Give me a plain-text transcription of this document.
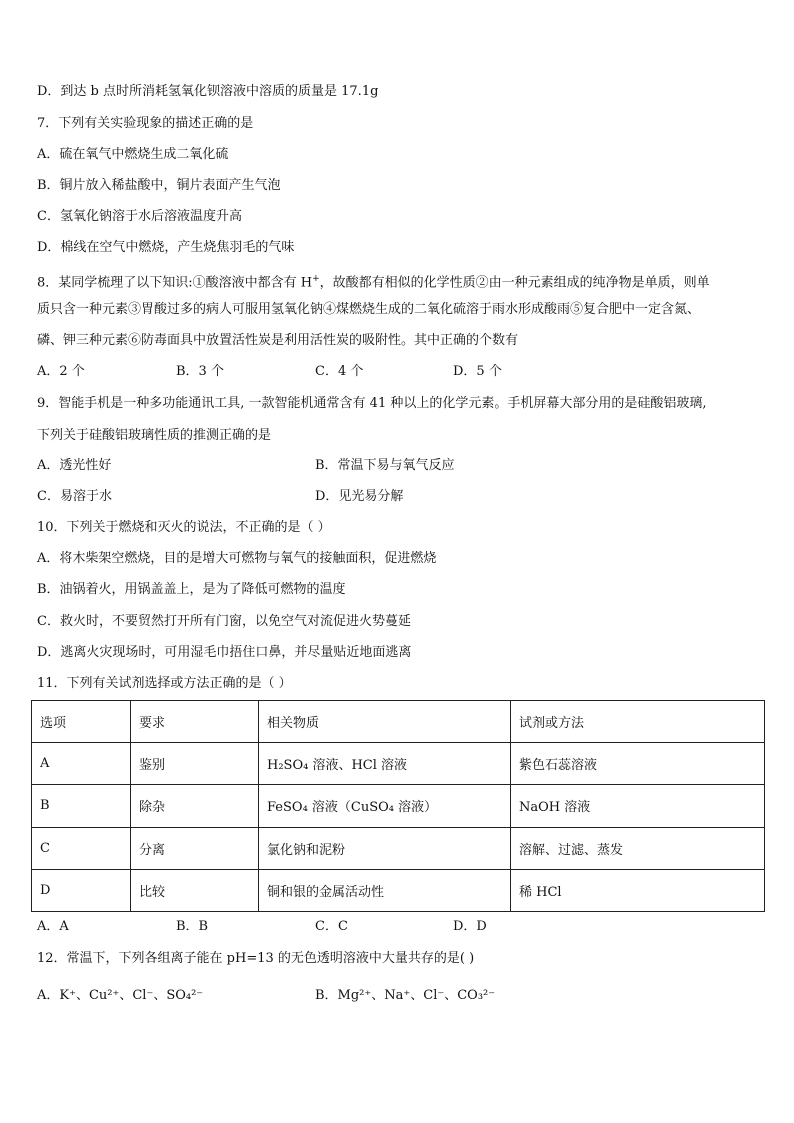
D．到达 b 点时所消耗氢氧化钡溶液中溶质的质量是 17.1g
7．下列有关实验现象的描述正确的是
A．硫在氧气中燃烧生成二氧化硫
B．铜片放入稀盐酸中，铜片表面产生气泡
C．氢氧化钠溶于水后溶液温度升高
D．棉线在空气中燃烧，产生烧焦羽毛的气味
8．某同学梳理了以下知识:①酸溶液中都含有 H+，故酸都有相似的化学性质②由一种元素组成的纯净物是单质，则单
质只含一种元素③胃酸过多的病人可服用氢氧化钠④煤燃烧生成的二氧化硫溶于雨水形成酸雨⑤复合肥中一定含氮、
磷、钾三种元素⑥防毒面具中放置活性炭是利用活性炭的吸附性。其中正确的个数有
A．2 个	B．3 个	C．4 个	D．5 个
9．智能手机是一种多功能通讯工具, 一款智能机通常含有 41 种以上的化学元素。手机屏幕大部分用的是硅酸铝玻璃,
下列关于硅酸铝玻璃性质的推测正确的是
A．透光性好	B．常温下易与氧气反应
C．易溶于水	D．见光易分解
10．下列关于燃烧和灭火的说法，不正确的是（ ）
A．将木柴架空燃烧，目的是增大可燃物与氧气的接触面积，促进燃烧
B．油锅着火，用锅盖盖上，是为了降低可燃物的温度
C．救火时，不要贸然打开所有门窗，以免空气对流促进火势蔓延
D．逃离火灾现场时，可用湿毛巾捂住口鼻，并尽量贴近地面逃离
11．下列有关试剂选择或方法正确的是（ ）
选项	要求	相关物质	试剂或方法
A	鉴别	H₂SO₄ 溶液、HCl 溶液	紫色石蕊溶液
B	除杂	FeSO₄ 溶液（CuSO₄ 溶液）	NaOH 溶液
C	分离	氯化钠和泥粉	溶解、过滤、蒸发
D	比较	铜和银的金属活动性	稀 HCl
A．A	B．B	C．C	D．D
12．常温下，下列各组离子能在 pH=13 的无色透明溶液中大量共存的是( )
A．K⁺、Cu²⁺、Cl⁻、SO₄²⁻	B．Mg²⁺、Na⁺、Cl⁻、CO₃²⁻
